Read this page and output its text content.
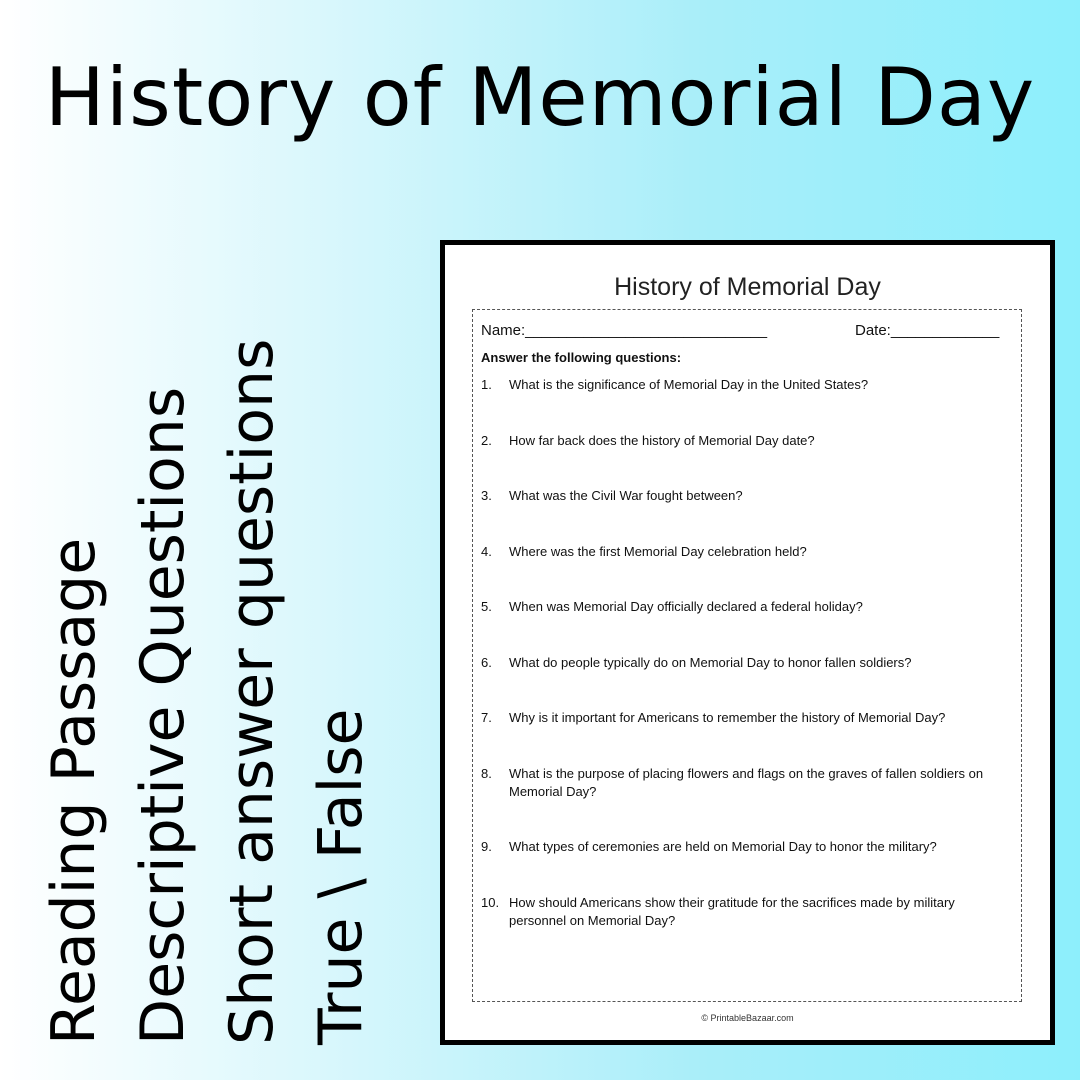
History of Memorial Day
Reading Passage Descriptive Questions Short answer questions True \ False
History of Memorial Day
Name:_____________________________	Date:_____________
Answer the following questions:
1. What is the significance of Memorial Day in the United States?
2. How far back does the history of Memorial Day date?
3. What was the Civil War fought between?
4. Where was the first Memorial Day celebration held?
5. When was Memorial Day officially declared a federal holiday?
6. What do people typically do on Memorial Day to honor fallen soldiers?
7. Why is it important for Americans to remember the history of Memorial Day?
8. What is the purpose of placing flowers and flags on the graves of fallen soldiers on Memorial Day?
9. What types of ceremonies are held on Memorial Day to honor the military?
10. How should Americans show their gratitude for the sacrifices made by military personnel on Memorial Day?
© PrintableBazaar.com
